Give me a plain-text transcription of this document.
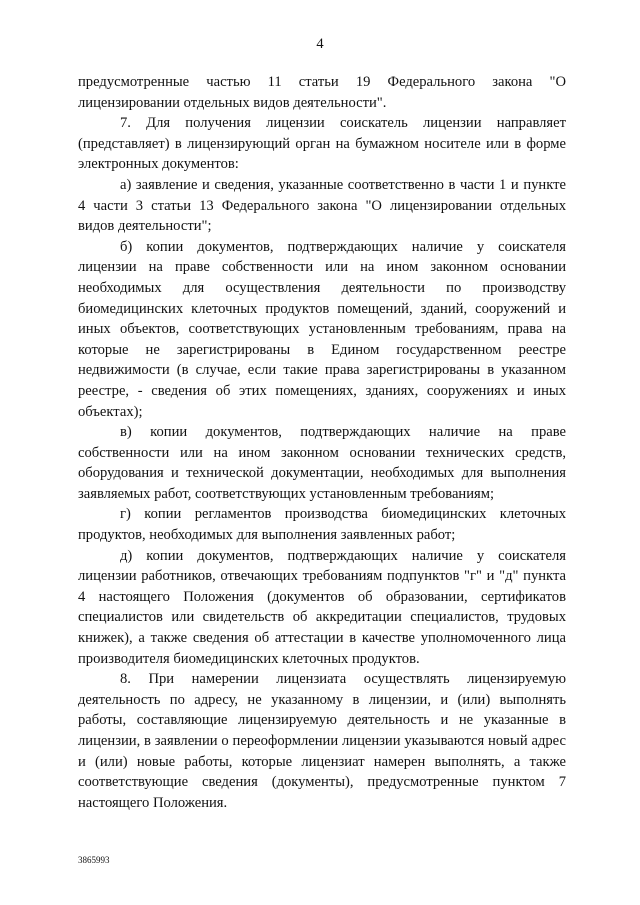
4

предусмотренные частью 11 статьи 19 Федерального закона "О лицензировании отдельных видов деятельности".

7. Для получения лицензии соискатель лицензии направляет (представляет) в лицензирующий орган на бумажном носителе или в форме электронных документов:

а) заявление и сведения, указанные соответственно в части 1 и пункте 4 части 3 статьи 13 Федерального закона "О лицензировании отдельных видов деятельности";

б) копии документов, подтверждающих наличие у соискателя лицензии на праве собственности или на ином законном основании необходимых для осуществления деятельности по производству биомедицинских клеточных продуктов помещений, зданий, сооружений и иных объектов, соответствующих установленным требованиям, права на которые не зарегистрированы в Едином государственном реестре недвижимости (в случае, если такие права зарегистрированы в указанном реестре, - сведения об этих помещениях, зданиях, сооружениях и иных объектах);

в) копии документов, подтверждающих наличие на праве собственности или на ином законном основании технических средств, оборудования и технической документации, необходимых для выполнения заявляемых работ, соответствующих установленным требованиям;

г) копии регламентов производства биомедицинских клеточных продуктов, необходимых для выполнения заявленных работ;

д) копии документов, подтверждающих наличие у соискателя лицензии работников, отвечающих требованиям подпунктов "г" и "д" пункта 4 настоящего Положения (документов об образовании, сертификатов специалистов или свидетельств об аккредитации специалистов, трудовых книжек), а также сведения об аттестации в качестве уполномоченного лица производителя биомедицинских клеточных продуктов.

8. При намерении лицензиата осуществлять лицензируемую деятельность по адресу, не указанному в лицензии, и (или) выполнять работы, составляющие лицензируемую деятельность и не указанные в лицензии, в заявлении о переоформлении лицензии указываются новый адрес и (или) новые работы, которые лицензиат намерен выполнять, а также соответствующие сведения (документы), предусмотренные пунктом 7 настоящего Положения.

3865993
